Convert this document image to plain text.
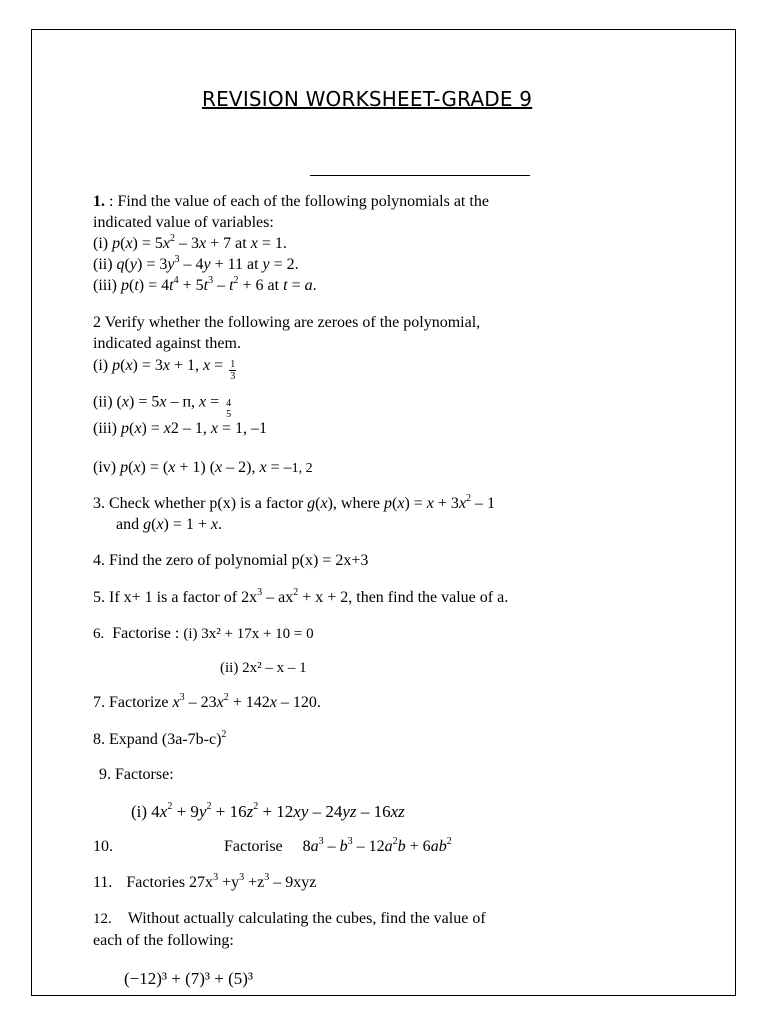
REVISION WORKSHEET-GRADE 9
1. : Find the value of each of the following polynomials at the
indicated value of variables:
(i) $p(x) = 5x^2 - 3x + 7$ at x = 1.
(ii) $q(y) = 3y^3 - 4y + 11$ at y = 2.
(iii) $p(t) = 4t^4 + 5t^3 - t^2 + 6$ at t = a.
2 Verify whether the following are zeroes of the polynomial,
indicated against them.
(i) p(x) = 3x + 1, $x = \frac{1}{3}$
(ii) (x) = 5x – п, x = 4
5
(iii) p(x) = x2 – 1, x = 1, –1
(iv) p(x) = (x + 1) (x – 2), x = –1, 2
3. Check whether p(x) is a factor g(x), where $p(x) = x + 3x^2 - 1$
and g(x) = 1 + x.
4. Find the zero of polynomial p(x) = 2x+3
5. If x+ 1 is a factor of $2x^3 - ax^2 + x + 2$, then find the value of a.
6. Factorise : (i) 3x² + 17x + 10 = 0
(ii) 2x² – x – 1
7. Factorize $x^3 - 23x^2 + 142x - 120$.
8. Expand $(3a-7b-c)^2$
9. Factorse:
(i) $4x^2 + 9y^2 + 16z^2 + 12xy - 24yz - 16xz$
10.	Factorise $8a^3 - b^3 - 12a^2b + 6ab^2$
11. Factories $27x^3 +y^3 +z^3 - 9xyz$
12. Without actually calculating the cubes, find the value of
each of the following:
(−12)³ + (7)³ + (5)³
